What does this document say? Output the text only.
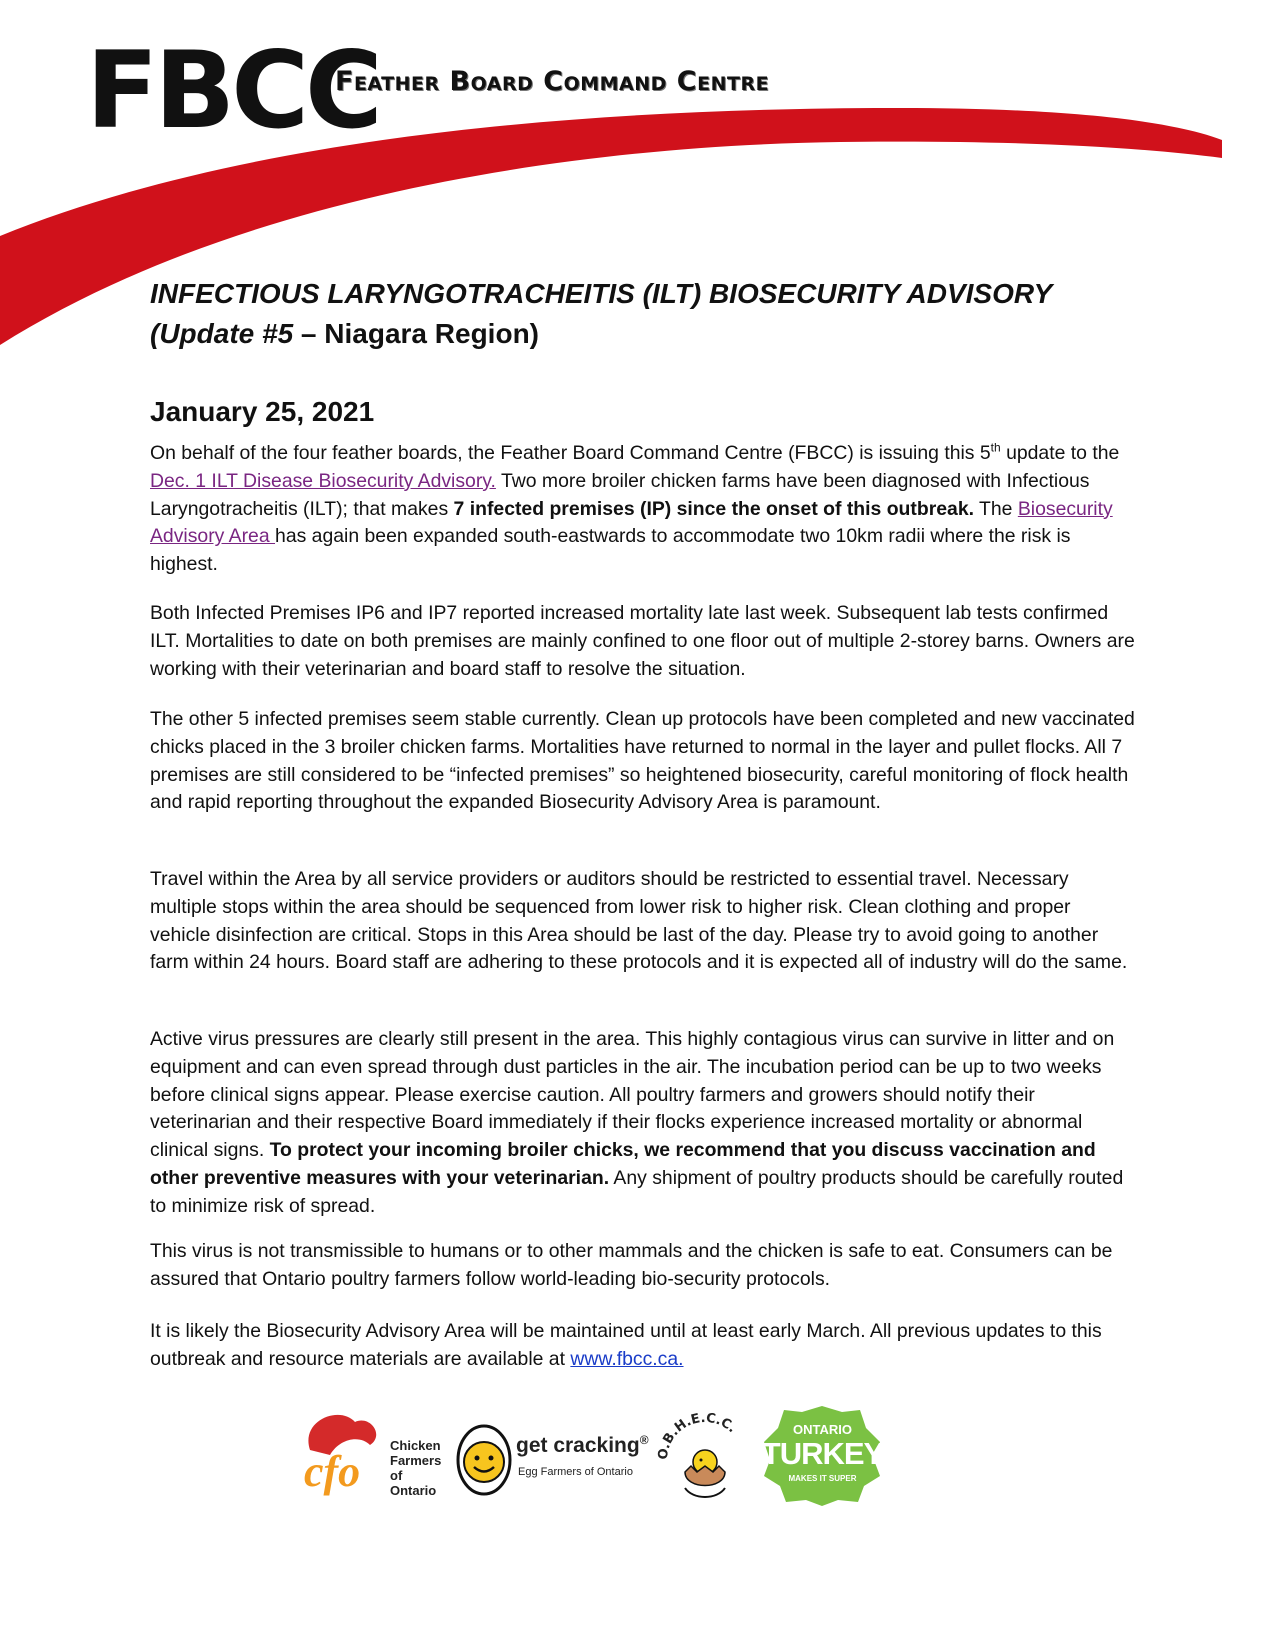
FBCC
Feather Board Command Centre
INFECTIOUS LARYNGOTRACHEITIS (ILT) BIOSECURITY ADVISORY
(Update #5 – Niagara Region)
January 25, 2021

On behalf of the four feather boards, the Feather Board Command Centre (FBCC) is issuing this 5th update to the Dec. 1 ILT Disease Biosecurity Advisory. Two more broiler chicken farms have been diagnosed with Infectious Laryngotracheitis (ILT); that makes 7 infected premises (IP) since the onset of this outbreak. The Biosecurity Advisory Area has again been expanded south-eastwards to accommodate two 10km radii where the risk is highest.

Both Infected Premises IP6 and IP7 reported increased mortality late last week. Subsequent lab tests confirmed ILT. Mortalities to date on both premises are mainly confined to one floor out of multiple 2-storey barns. Owners are working with their veterinarian and board staff to resolve the situation.

The other 5 infected premises seem stable currently. Clean up protocols have been completed and new vaccinated chicks placed in the 3 broiler chicken farms. Mortalities have returned to normal in the layer and pullet flocks. All 7 premises are still considered to be “infected premises” so heightened biosecurity, careful monitoring of flock health and rapid reporting throughout the expanded Biosecurity Advisory Area is paramount.

Travel within the Area by all service providers or auditors should be restricted to essential travel. Necessary multiple stops within the area should be sequenced from lower risk to higher risk. Clean clothing and proper vehicle disinfection are critical. Stops in this Area should be last of the day. Please try to avoid going to another farm within 24 hours. Board staff are adhering to these protocols and it is expected all of industry will do the same.

Active virus pressures are clearly still present in the area. This highly contagious virus can survive in litter and on equipment and can even spread through dust particles in the air. The incubation period can be up to two weeks before clinical signs appear. Please exercise caution. All poultry farmers and growers should notify their veterinarian and their respective Board immediately if their flocks experience increased mortality or abnormal clinical signs. To protect your incoming broiler chicks, we recommend that you discuss vaccination and other preventive measures with your veterinarian. Any shipment of poultry products should be carefully routed to minimize risk of spread.

This virus is not transmissible to humans or to other mammals and the chicken is safe to eat. Consumers can be assured that Ontario poultry farmers follow world-leading bio-security protocols.

It is likely the Biosecurity Advisory Area will be maintained until at least early March. All previous updates to this outbreak and resource materials are available at www.fbcc.ca.

cfo
Chicken
Farmers
of Ontario
get cracking®
Egg Farmers of Ontario
O.B.H.E.C.C.	ONTARIO
TURKEY
MAKES IT SUPER
